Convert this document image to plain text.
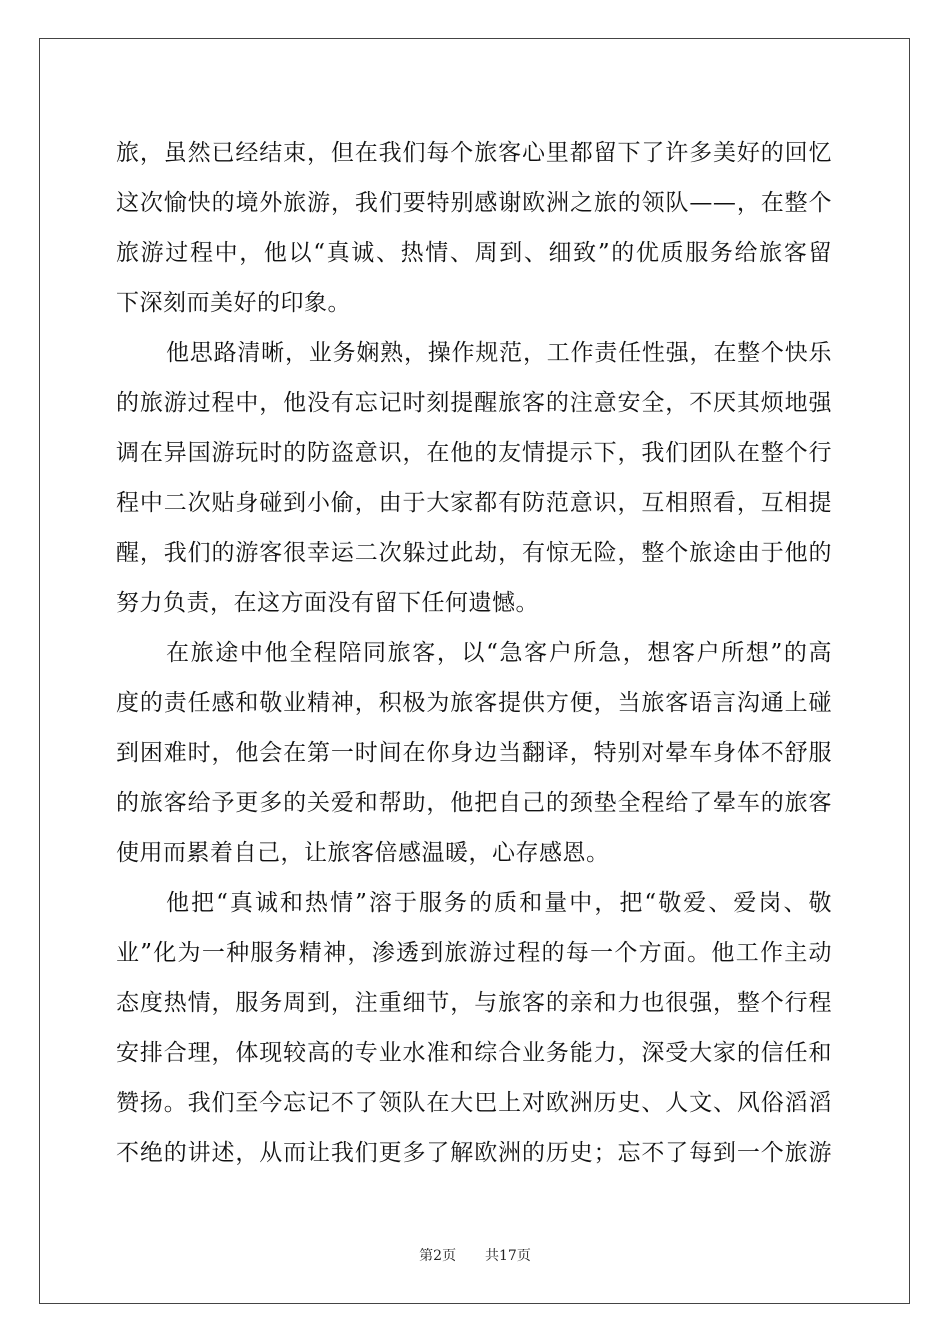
旅，虽然已经结束，但在我们每个旅客心里都留下了许多美好的回忆
这次愉快的境外旅游，我们要特别感谢欧洲之旅的领队——，在整个
旅游过程中，他以“真诚、热情、周到、细致”的优质服务给旅客留
下深刻而美好的印象。
他思路清晰，业务娴熟，操作规范，工作责任性强，在整个快乐
的旅游过程中，他没有忘记时刻提醒旅客的注意安全，不厌其烦地强
调在异国游玩时的防盗意识，在他的友情提示下，我们团队在整个行
程中二次贴身碰到小偷，由于大家都有防范意识，互相照看，互相提
醒，我们的游客很幸运二次躲过此劫，有惊无险，整个旅途由于他的
努力负责，在这方面没有留下任何遗憾。
在旅途中他全程陪同旅客，以“急客户所急，想客户所想”的高
度的责任感和敬业精神，积极为旅客提供方便，当旅客语言沟通上碰
到困难时，他会在第一时间在你身边当翻译，特别对晕车身体不舒服
的旅客给予更多的关爱和帮助，他把自己的颈垫全程给了晕车的旅客
使用而累着自己，让旅客倍感温暖，心存感恩。
他把“真诚和热情”溶于服务的质和量中，把“敬爱、爱岗、敬
业”化为一种服务精神，渗透到旅游过程的每一个方面。他工作主动
态度热情，服务周到，注重细节，与旅客的亲和力也很强，整个行程
安排合理，体现较高的专业水准和综合业务能力，深受大家的信任和
赞扬。我们至今忘记不了领队在大巴上对欧洲历史、人文、风俗滔滔
不绝的讲述，从而让我们更多了解欧洲的历史；忘不了每到一个旅游
第2页 共17页
